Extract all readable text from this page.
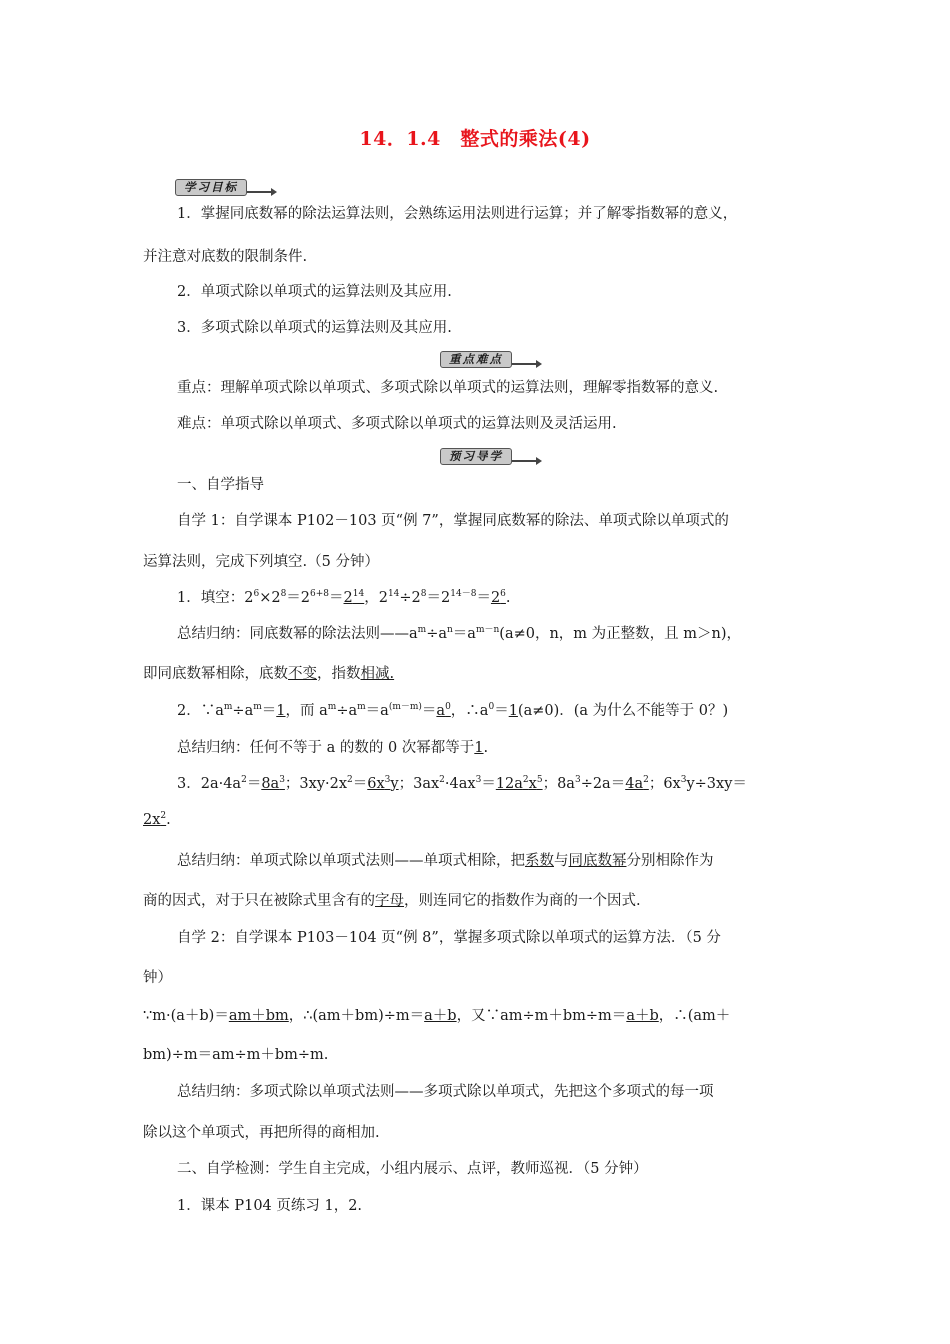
14．1.4　整式的乘法(4)
学习目标
1．掌握同底数幂的除法运算法则，会熟练运用法则进行运算；并了解零指数幂的意义，
并注意对底数的限制条件.
2．单项式除以单项式的运算法则及其应用.
3．多项式除以单项式的运算法则及其应用.
重点难点
重点：理解单项式除以单项式、多项式除以单项式的运算法则，理解零指数幂的意义.
难点：单项式除以单项式、多项式除以单项式的运算法则及灵活运用.
预习导学
一、自学指导
自学 1：自学课本 P102－103 页“例 7”，掌握同底数幂的除法、单项式除以单项式的
运算法则，完成下列填空.（5 分钟）
1．填空：$2^6\times 2^8=2^{6+8}=2^{14}$，$2^{14}\div 2^8=2^{14-8}=2^6$.
总结归纳：同底数幂的除法法则$——a^m\div a^n=a^{m-n}(a\ne 0$，n，m 为正整数，且 m＞n)，
即同底数幂相除，底数不变，指数相减.
2．$\because a^m\div a^m=1$，而 $a^m\div a^m=a^{(m-m)}=a^0$，$\therefore a^0=1(a\ne 0)$．(a 为什么不能等于 0？)
总结归纳：任何不等于 a 的数的 0 次幂都等于1.
3．$2a\cdot 4a^2=8a^3$；$3xy\cdot 2x^2=6x^3y$；$3ax^2\cdot 4ax^3=12a^2x^5$；$8a^3\div 2a=4a^2$；$6x^3y\div 3xy=$
$2x^2$.
总结归纳：单项式除以单项式法则——单项式相除，把系数与同底数幂分别相除作为
商的因式，对于只在被除式里含有的字母，则连同它的指数作为商的一个因式.
自学 2：自学课本 P103－104 页“例 8”，掌握多项式除以单项式的运算方法．（5 分
钟）
∵m·(a＋b)＝am＋bm，∴(am＋bm)÷m＝a＋b，又∵am÷m＋bm÷m＝a＋b，∴(am＋
bm)÷m＝am÷m＋bm÷m.
总结归纳：多项式除以单项式法则——多项式除以单项式，先把这个多项式的每一项
除以这个单项式，再把所得的商相加.
二、自学检测：学生自主完成，小组内展示、点评，教师巡视．（5 分钟）
1．课本 P104 页练习 1，2.
